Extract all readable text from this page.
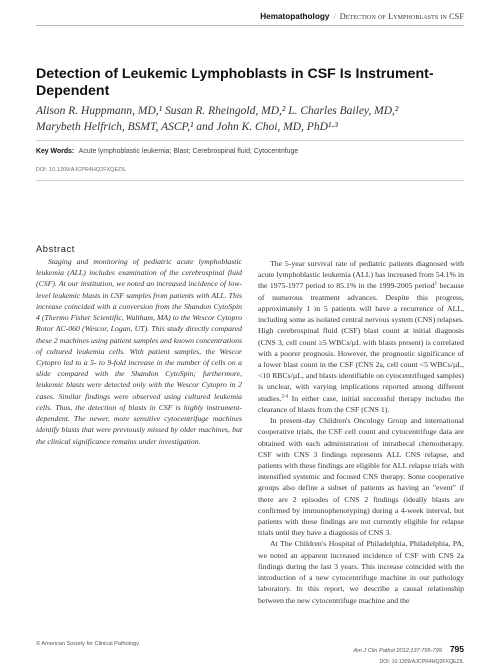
Hematopathology / Detection of Lymphoblasts in CSF
Detection of Leukemic Lymphoblasts in CSF Is Instrument-Dependent
Alison R. Huppmann, MD,¹ Susan R. Rheingold, MD,² L. Charles Bailey, MD,²
Marybeth Helfrich, BSMT, ASCP,¹ and John K. Choi, MD, PhD¹·³
Key Words: Acute lymphoblastic leukemia; Blast; Cerebrospinal fluid; Cytocentrifuge
DOI: 10.1309/AJCPR4HQ2FXQEZIL
Abstract

Staging and monitoring of pediatric acute lymphoblastic leukemia (ALL) includes examination of the cerebrospinal fluid (CSF). At our institution, we noted an increased incidence of low-level leukemic blasts in CSF samples from patients with ALL. This increase coincided with a conversion from the Shandon CytoSpin 4 (Thermo Fisher Scientific, Waltham, MA) to the Wescor Cytopro Rotor AC-060 (Wescor, Logan, UT). This study directly compared these 2 machines using patient samples and known concentrations of cultured leukemia cells. With patient samples, the Wescor Cytopro led to a 5- to 9-fold increase in the number of cells on a slide compared with the Shandon CytoSpin; furthermore, leukemic blasts were detected only with the Wescor Cytopro in 2 cases. Similar findings were observed using cultured leukemia cells. Thus, the detection of blasts in CSF is highly instrument-dependent. The newer, more sensitive cytocentrifuge machines identify blasts that were previously missed by older machines, but the clinical significance remains under investigation.

The 5-year survival rate of pediatric patients diagnosed with acute lymphoblastic leukemia (ALL) has increased from 54.1% in the 1975-1977 period to 85.1% in the 1999-2005 period$^1$ because of numerous treatment advances. Despite this progress, approximately 1 in 5 patients will have a recurrence of ALL, including some as isolated central nervous system (CNS) relapses. High cerebrospinal fluid (CSF) blast count at initial diagnosis (CNS 3, cell count ≥5 WBCs/µL with blasts present) is correlated with a poorer prognosis. However, the prognostic significance of a lower blast count in the CSF (CNS 2a, cell count <5 WBCs/µL, <10 RBCs/µL, and blasts identifiable on cytocentrifuged samples) is unclear, with varying implications reported among different studies.$^{2-4}$ In either case, initial successful therapy includes the clearance of blasts from the CSF (CNS 1).

In present-day Children's Oncology Group and international cooperative trials, the CSF cell count and cytocentrifuge data are obtained with each administration of intrathecal chemotherapy. CSF with CNS 3 findings represents ALL CNS relapse, and patients with these findings are eligible for ALL relapse trials with intensified systemic and focused CNS therapy. Some cooperative groups also define a subset of patients as having an "event" if there are 2 episodes of CNS 2 findings (ideally blasts are confirmed by immunophenotyping) during a 4-week interval, but patients with these findings are not currently eligible for relapse trials until they have a diagnosis of CNS 3.

At The Children's Hospital of Philadelphia, Philadelphia, PA, we noted an apparent increased incidence of CSF with CNS 2a findings during the last 3 years. This increase coincided with the introduction of a new cytocentrifuge machine in our pathology laboratory. In this report, we describe a causal relationship between the new cytocentrifuge machine and the

© American Society for Clinical Pathology
Am J Clin Pathol 2012;137:795-799 795
DOI: 10.1309/AJCPR4HQ2FXQEZIL
